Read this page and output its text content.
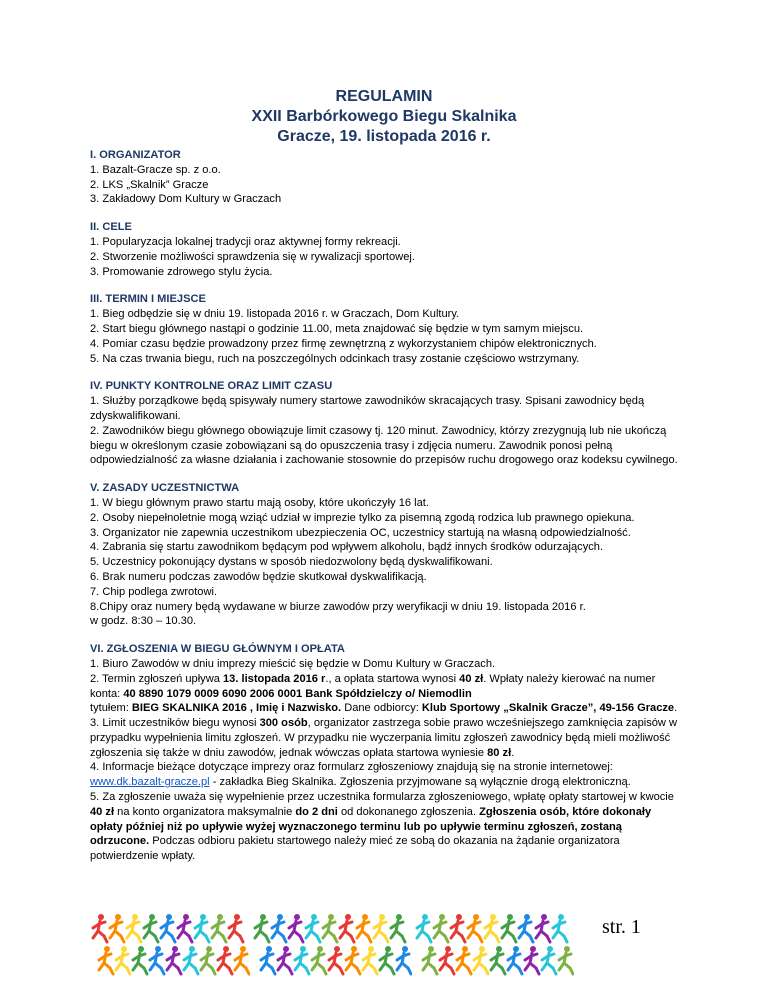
REGULAMIN
XXII Barbórkowego Biegu Skalnika
Gracze, 19. listopada 2016 r.
I. ORGANIZATOR
1. Bazalt-Gracze sp. z o.o.
2. LKS „Skalnik” Gracze
3. Zakładowy Dom Kultury w Graczach
II. CELE
1. Popularyzacja lokalnej tradycji oraz aktywnej formy rekreacji.
2. Stworzenie możliwości sprawdzenia się w rywalizacji sportowej.
3. Promowanie zdrowego stylu życia.
III. TERMIN I MIEJSCE
1. Bieg odbędzie się w dniu 19. listopada 2016 r. w Graczach, Dom Kultury.
2. Start biegu głównego nastąpi o godzinie 11.00, meta znajdować się będzie w tym samym miejscu.
4. Pomiar czasu będzie prowadzony przez firmę zewnętrzną z wykorzystaniem chipów elektronicznych.
5. Na czas trwania biegu, ruch na poszczególnych odcinkach trasy zostanie częściowo wstrzymany.
IV. PUNKTY KONTROLNE ORAZ LIMIT CZASU
1. Służby porządkowe będą spisywały numery startowe zawodników skracających trasy. Spisani zawodnicy będą zdyskwalifikowani.
2. Zawodników biegu głównego obowiązuje limit czasowy tj. 120 minut. Zawodnicy, którzy zrezygnują lub nie ukończą biegu w określonym czasie zobowiązani są do opuszczenia trasy i zdjęcia numeru. Zawodnik ponosi pełną odpowiedzialność za własne działania i zachowanie stosownie do przepisów ruchu drogowego oraz kodeksu cywilnego.
V. ZASADY UCZESTNICTWA
1. W biegu głównym prawo startu mają osoby, które ukończyły 16 lat.
2. Osoby niepełnoletnie mogą wziąć udział w imprezie tylko za pisemną zgodą rodzica lub prawnego opiekuna.
3. Organizator nie zapewnia uczestnikom ubezpieczenia OC, uczestnicy startują na własną odpowiedzialność.
4. Zabrania się startu zawodnikom będącym pod wpływem alkoholu, bądź innych środków odurzających.
5. Uczestnicy pokonujący dystans w sposób niedozwolony będą dyskwalifikowani.
6. Brak numeru podczas zawodów będzie skutkował dyskwalifikacją.
7. Chip podlega zwrotowi.
8.Chipy oraz numery będą wydawane w biurze zawodów przy weryfikacji w dniu 19. listopada 2016 r.
w godz. 8:30 – 10.30.
VI. ZGŁOSZENIA W BIEGU GŁÓWNYM I OPŁATA
1. Biuro Zawodów w dniu imprezy mieścić się będzie w Domu Kultury w Graczach.
2. Termin zgłoszeń upływa 13. listopada 2016 r., a opłata startowa wynosi 40 zł. Wpłaty należy kierować na numer konta: 40 8890 1079 0009 6090 2006 0001 Bank Spółdzielczy o/ Niemodlin
tytułem: BIEG SKALNIKA 2016 , Imię i Nazwisko. Dane odbiorcy: Klub Sportowy „Skalnik Gracze”, 49-156 Gracze.
3. Limit uczestników biegu wynosi 300 osób, organizator zastrzega sobie prawo wcześniejszego zamknięcia zapisów w przypadku wypełnienia limitu zgłoszeń. W przypadku nie wyczerpania limitu zgłoszeń zawodnicy będą mieli możliwość zgłoszenia się także w dniu zawodów, jednak wówczas opłata startowa wyniesie 80 zł.
4. Informacje bieżące dotyczące imprezy oraz formularz zgłoszeniowy znajdują się na stronie internetowej: www.dk.bazalt-gracze.pl - zakładka Bieg Skalnika. Zgłoszenia przyjmowane są wyłącznie drogą elektroniczną.
5. Za zgłoszenie uważa się wypełnienie przez uczestnika formularza zgłoszeniowego, wpłatę opłaty startowej w kwocie 40 zł na konto organizatora maksymalnie do 2 dni od dokonanego zgłoszenia. Zgłoszenia osób, które dokonały opłaty później niż po upływie wyżej wyznaczonego terminu lub po upływie terminu zgłoszeń, zostaną odrzucone. Podczas odbioru pakietu startowego należy mieć ze sobą do okazania na żądanie organizatora potwierdzenie wpłaty.
str. 1
